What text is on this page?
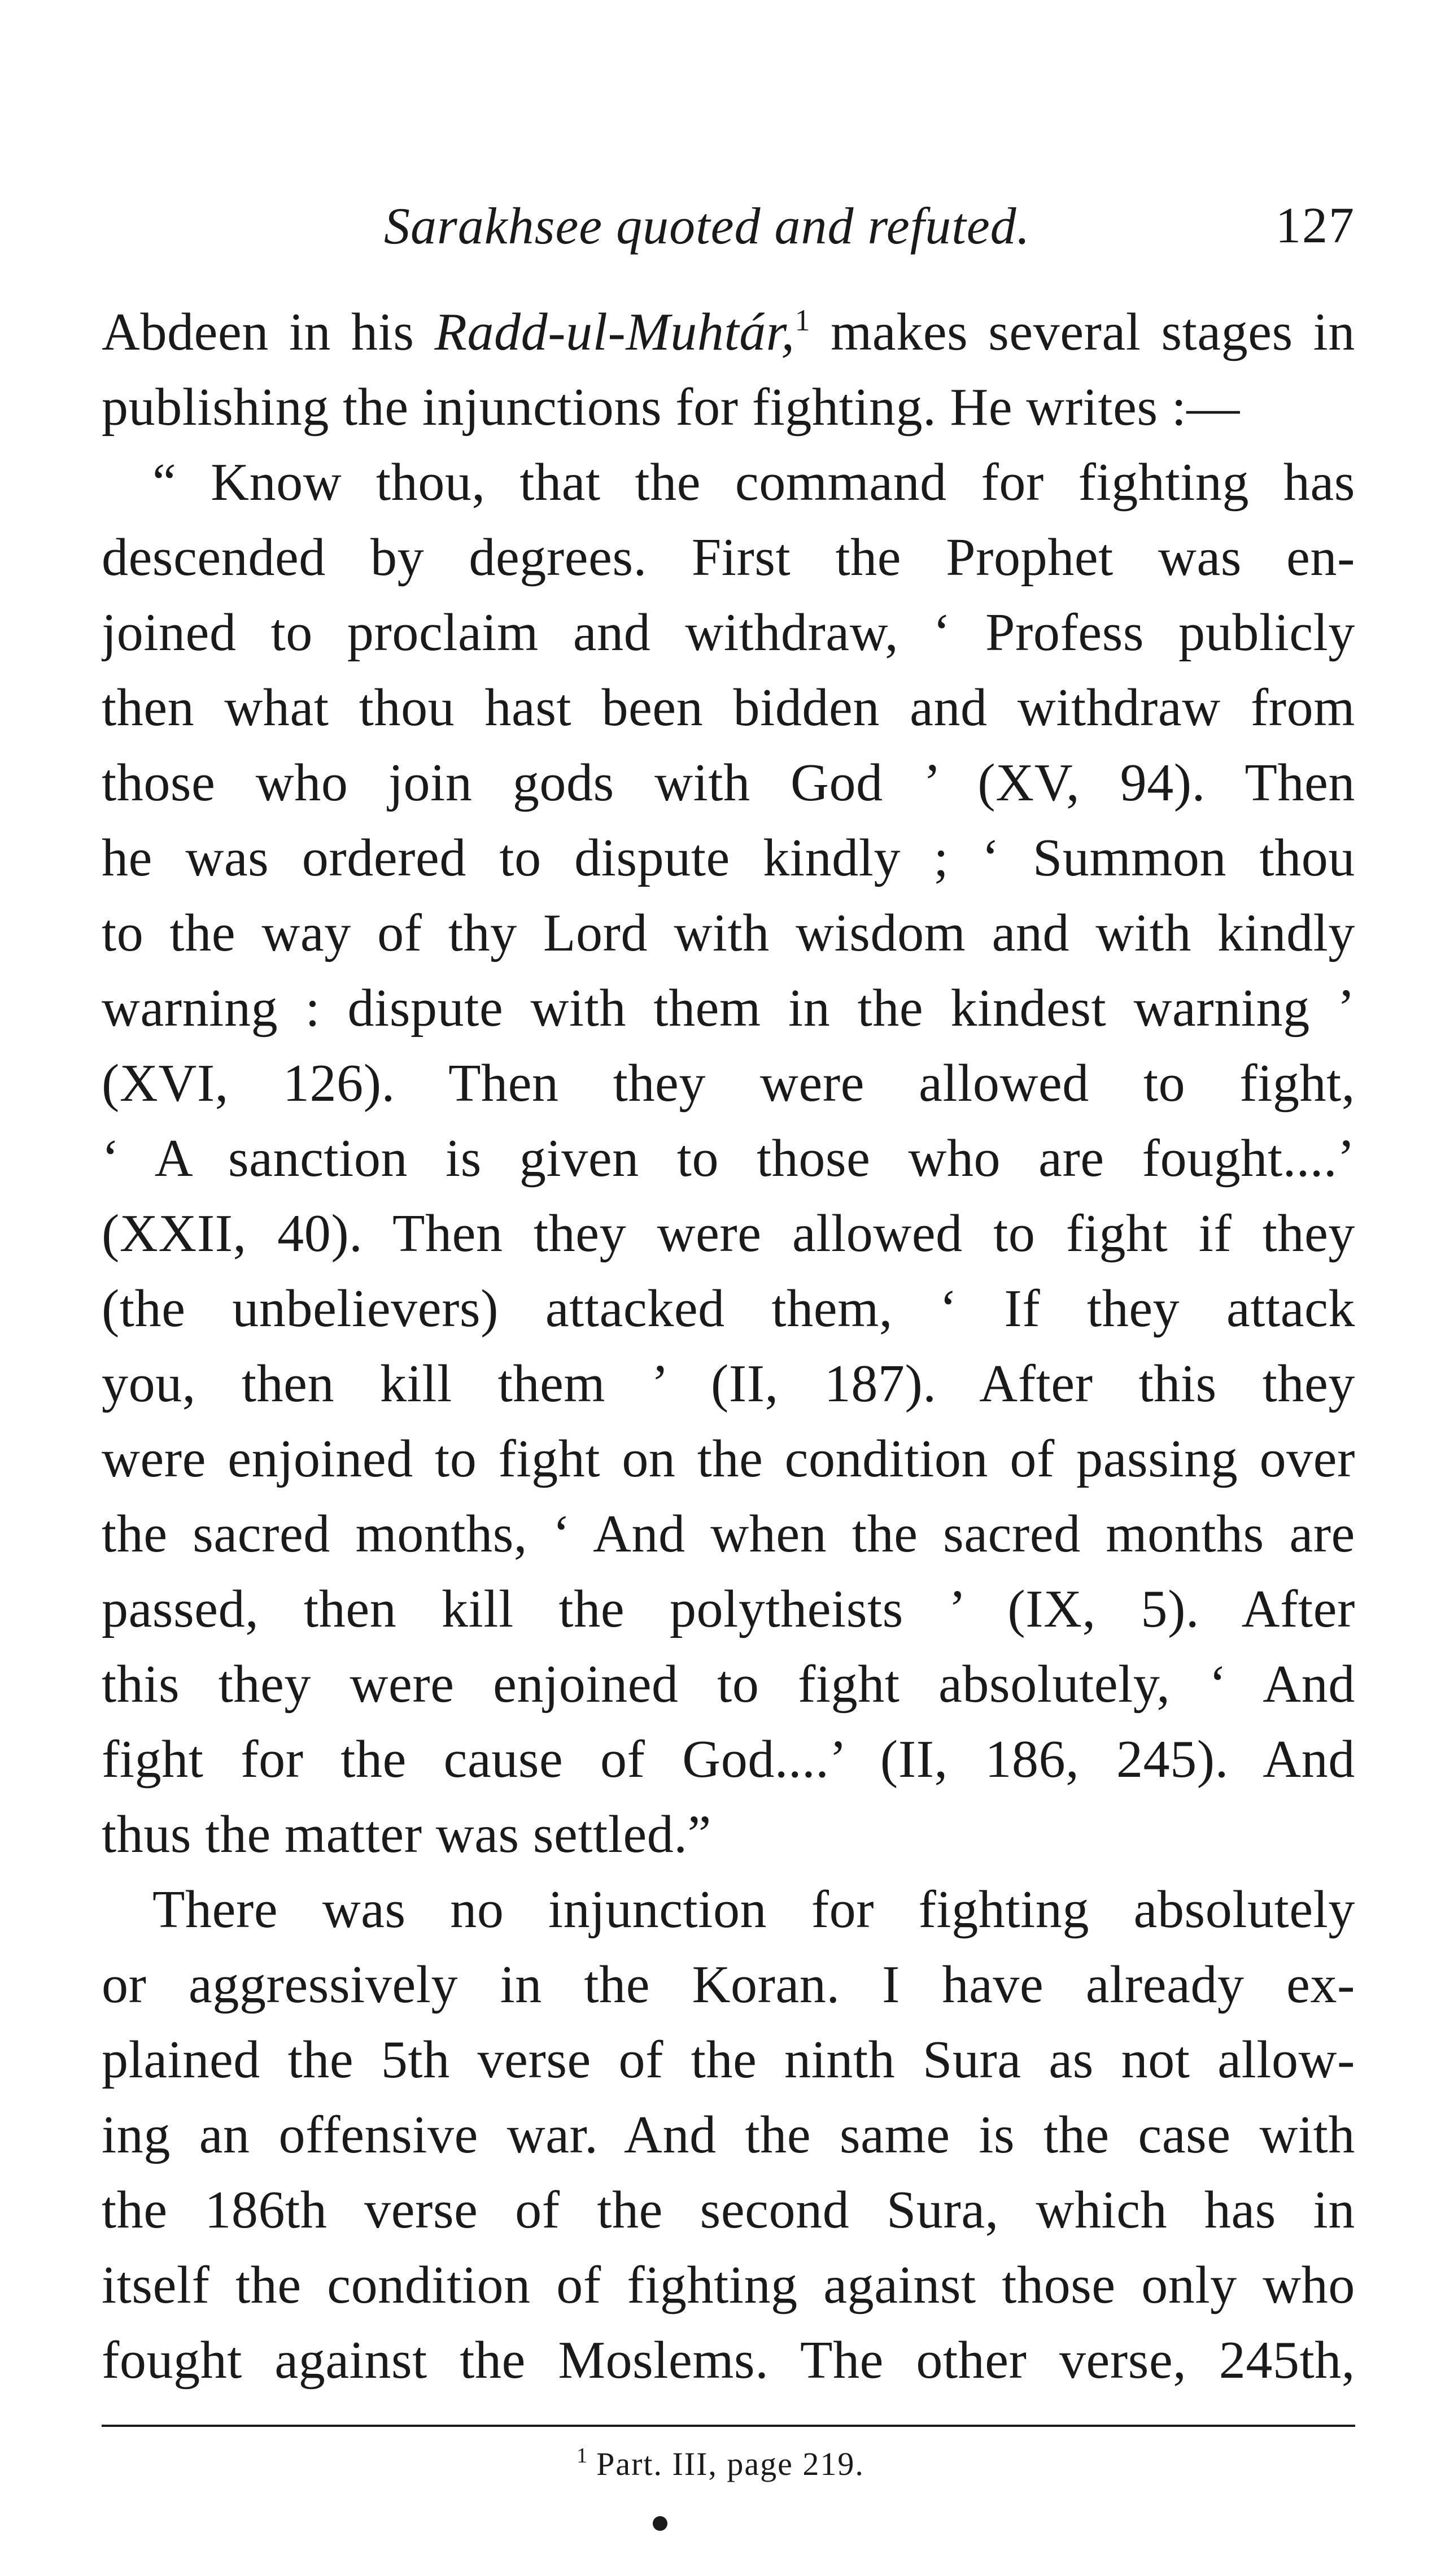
Sarakhsee quoted and refuted.	127
Abdeen in his Radd-ul-Muhtár,$^1$ makes several stages in
publishing the injunctions for fighting. He writes :—
“ Know thou, that the command for fighting has
descended by degrees. First the Prophet was en-
joined to proclaim and withdraw, ‘ Profess publicly
then what thou hast been bidden and withdraw from
those who join gods with God ’ (XV, 94). Then
he was ordered to dispute kindly ; ‘ Summon thou
to the way of thy Lord with wisdom and with kindly
warning : dispute with them in the kindest warning ’
(XVI, 126). Then they were allowed to fight,
‘ A sanction is given to those who are fought....’
(XXII, 40). Then they were allowed to fight if they
(the unbelievers) attacked them, ‘ If they attack
you, then kill them ’ (II, 187). After this they
were enjoined to fight on the condition of passing over
the sacred months, ‘ And when the sacred months are
passed, then kill the polytheists ’ (IX, 5). After
this they were enjoined to fight absolutely, ‘ And
fight for the cause of God....’ (II, 186, 245). And
thus the matter was settled.”
There was no injunction for fighting absolutely
or aggressively in the Koran. I have already ex-
plained the 5th verse of the ninth Sura as not allow-
ing an offensive war. And the same is the case with
the 186th verse of the second Sura, which has in
itself the condition of fighting against those only who
fought against the Moslems. The other verse, 245th,
$^1$ Part. III, page 219.
